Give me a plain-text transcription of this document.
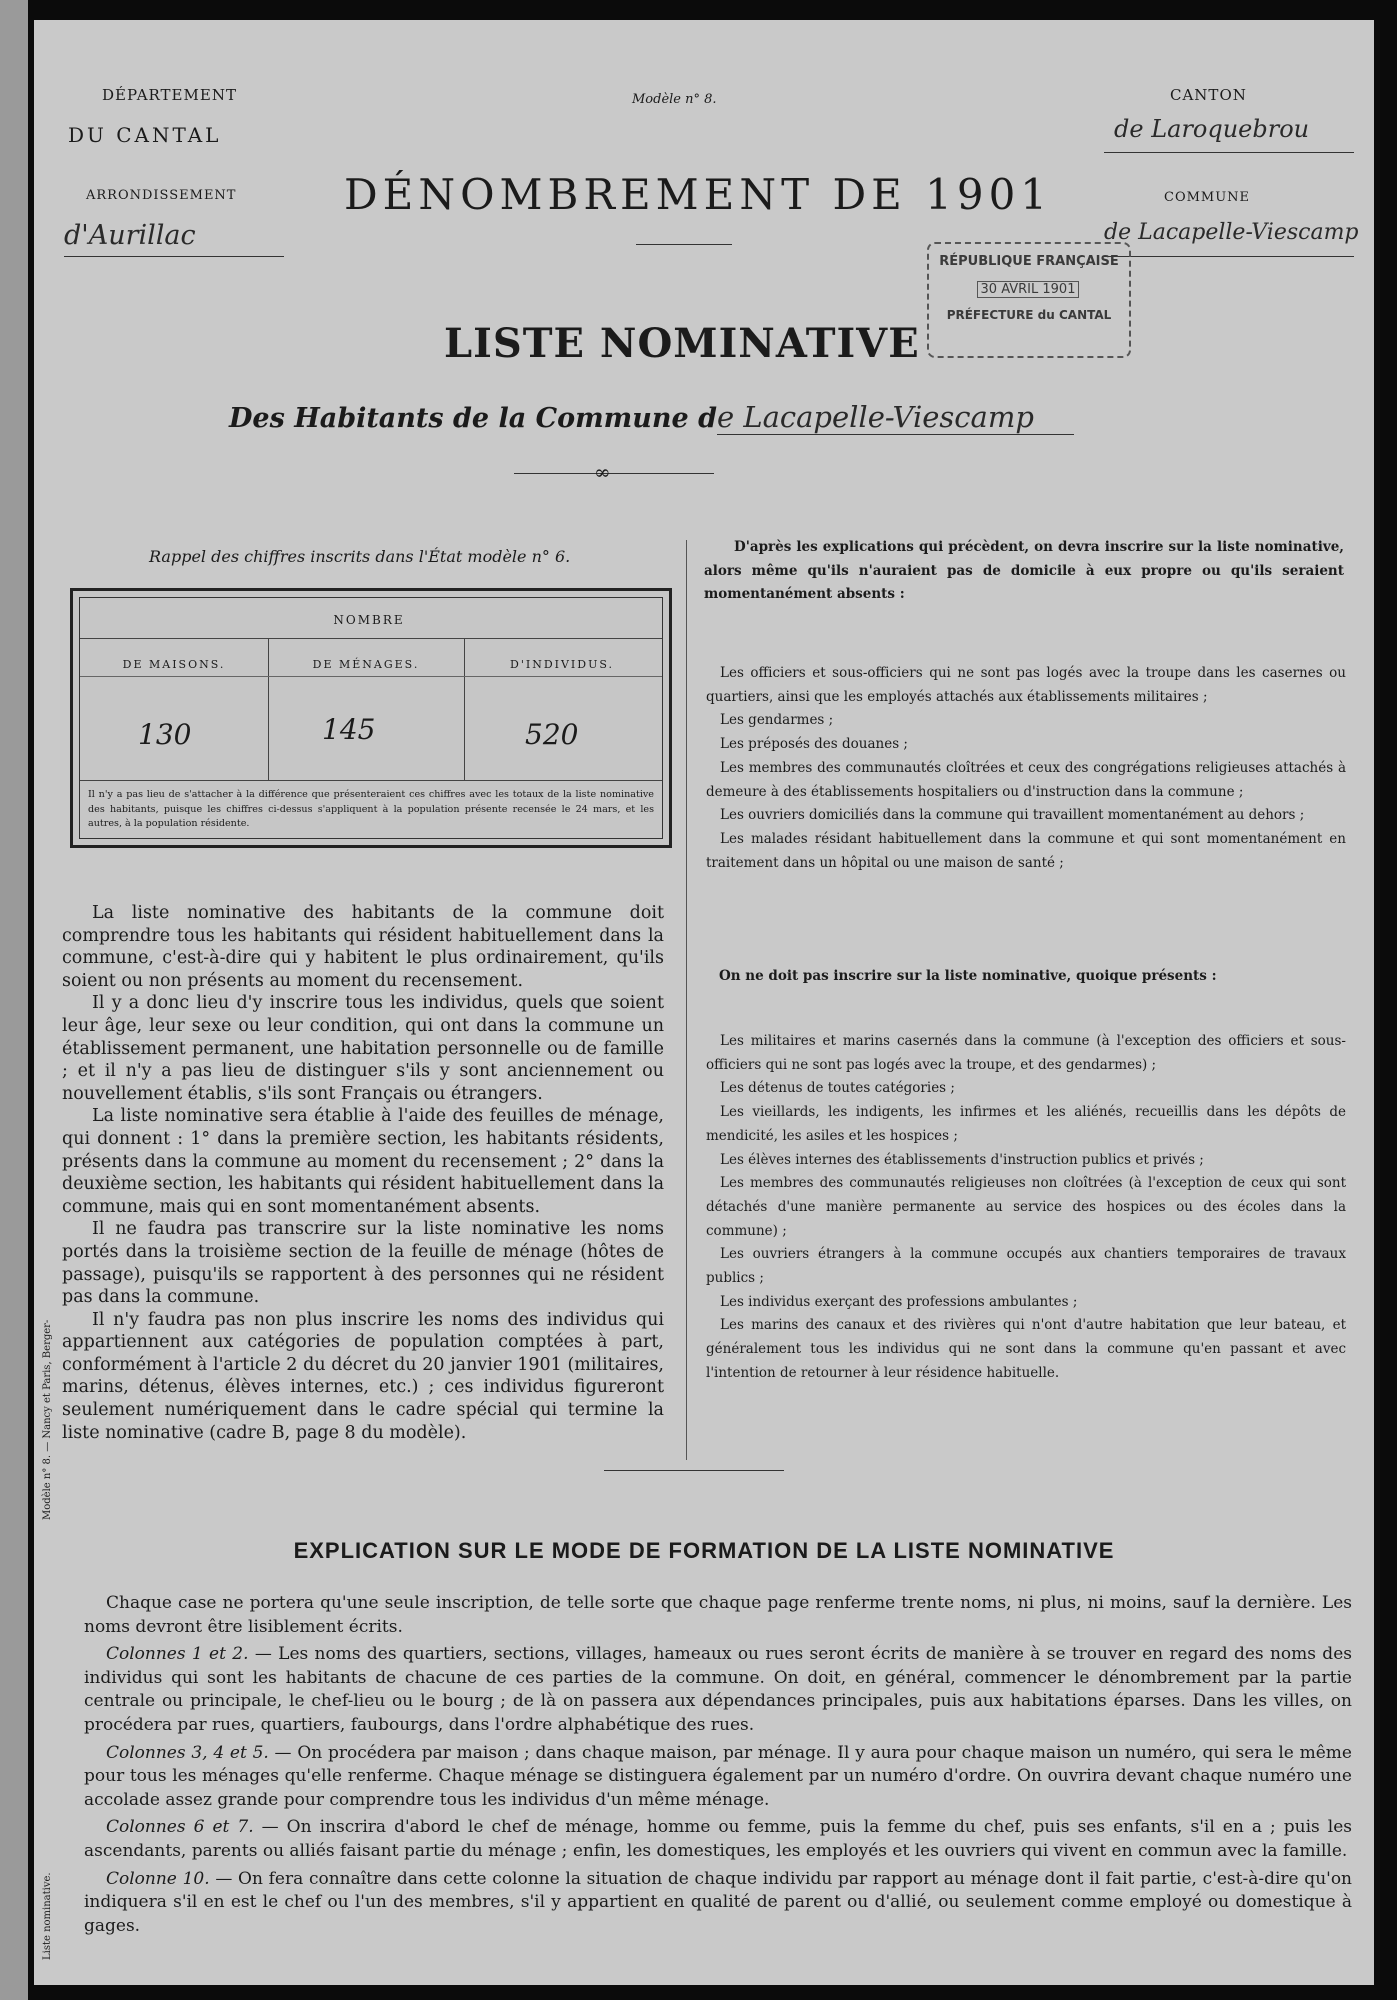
DÉPARTEMENT
DU CANTAL
ARRONDISSEMENT
d'Aurillac
Modèle n° 8.
DÉNOMBREMENT DE 1901
LISTE NOMINATIVE
Des Habitants de la Commune de Lacapelle-Viescamp
∞
CANTON
de Laroquebrou
COMMUNE
de Lacapelle-Viescamp
RÉPUBLIQUE FRANÇAISE
30 AVRIL 1901
PRÉFECTURE du CANTAL
Rappel des chiffres inscrits dans l'État modèle n° 6.
NOMBRE
DE MAISONS.	DE MÉNAGES.	D'INDIVIDUS.
130	145	520
Il n'y a pas lieu de s'attacher à la différence que présenteraient ces chiffres avec les totaux de la liste nominative des habitants, puisque les chiffres ci-dessus s'appliquent à la population présente recensée le 24 mars, et les autres, à la population résidente.
La liste nominative des habitants de la commune doit comprendre tous les habitants qui résident habituellement dans la commune, c'est-à-dire qui y habitent le plus ordinairement, qu'ils soient ou non présents au moment du recensement.
Il y a donc lieu d'y inscrire tous les individus, quels que soient leur âge, leur sexe ou leur condition, qui ont dans la commune un établissement permanent, une habitation personnelle ou de famille ; et il n'y a pas lieu de distinguer s'ils y sont anciennement ou nouvellement établis, s'ils sont Français ou étrangers.
La liste nominative sera établie à l'aide des feuilles de ménage, qui donnent : 1° dans la première section, les habitants résidents, présents dans la commune au moment du recensement ; 2° dans la deuxième section, les habitants qui résident habituellement dans la commune, mais qui en sont momentanément absents.
Il ne faudra pas transcrire sur la liste nominative les noms portés dans la troisième section de la feuille de ménage (hôtes de passage), puisqu'ils se rapportent à des personnes qui ne résident pas dans la commune.
Il n'y faudra pas non plus inscrire les noms des individus qui appartiennent aux catégories de population comptées à part, conformément à l'article 2 du décret du 20 janvier 1901 (militaires, marins, détenus, élèves internes, etc.) ; ces individus figureront seulement numériquement dans le cadre spécial qui termine la liste nominative (cadre B, page 8 du modèle).
D'après les explications qui précèdent, on devra inscrire sur la liste nominative, alors même qu'ils n'auraient pas de domicile à eux propre ou qu'ils seraient momentanément absents :
Les officiers et sous-officiers qui ne sont pas logés avec la troupe dans les casernes ou quartiers, ainsi que les employés attachés aux établissements militaires ;
Les gendarmes ;
Les préposés des douanes ;
Les membres des communautés cloîtrées et ceux des congrégations religieuses attachés à demeure à des établissements hospitaliers ou d'instruction dans la commune ;
Les ouvriers domiciliés dans la commune qui travaillent momentanément au dehors ;
Les malades résidant habituellement dans la commune et qui sont momentanément en traitement dans un hôpital ou une maison de santé ;
On ne doit pas inscrire sur la liste nominative, quoique présents :
Les militaires et marins casernés dans la commune (à l'exception des officiers et sous-officiers qui ne sont pas logés avec la troupe, et des gendarmes) ;
Les détenus de toutes catégories ;
Les vieillards, les indigents, les infirmes et les aliénés, recueillis dans les dépôts de mendicité, les asiles et les hospices ;
Les élèves internes des établissements d'instruction publics et privés ;
Les membres des communautés religieuses non cloîtrées (à l'exception de ceux qui sont détachés d'une manière permanente au service des hospices ou des écoles dans la commune) ;
Les ouvriers étrangers à la commune occupés aux chantiers temporaires de travaux publics ;
Les individus exerçant des professions ambulantes ;
Les marins des canaux et des rivières qui n'ont d'autre habitation que leur bateau, et généralement tous les individus qui ne sont dans la commune qu'en passant et avec l'intention de retourner à leur résidence habituelle.
EXPLICATION SUR LE MODE DE FORMATION DE LA LISTE NOMINATIVE
Chaque case ne portera qu'une seule inscription, de telle sorte que chaque page renferme trente noms, ni plus, ni moins, sauf la dernière. Les noms devront être lisiblement écrits.
Colonnes 1 et 2. — Les noms des quartiers, sections, villages, hameaux ou rues seront écrits de manière à se trouver en regard des noms des individus qui sont les habitants de chacune de ces parties de la commune. On doit, en général, commencer le dénombrement par la partie centrale ou principale, le chef-lieu ou le bourg ; de là on passera aux dépendances principales, puis aux habitations éparses. Dans les villes, on procédera par rues, quartiers, faubourgs, dans l'ordre alphabétique des rues.
Colonnes 3, 4 et 5. — On procédera par maison ; dans chaque maison, par ménage. Il y aura pour chaque maison un numéro, qui sera le même pour tous les ménages qu'elle renferme. Chaque ménage se distinguera également par un numéro d'ordre. On ouvrira devant chaque numéro une accolade assez grande pour comprendre tous les individus d'un même ménage.
Colonnes 6 et 7. — On inscrira d'abord le chef de ménage, homme ou femme, puis la femme du chef, puis ses enfants, s'il en a ; puis les ascendants, parents ou alliés faisant partie du ménage ; enfin, les domestiques, les employés et les ouvriers qui vivent en commun avec la famille.
Colonne 10. — On fera connaître dans cette colonne la situation de chaque individu par rapport au ménage dont il fait partie, c'est-à-dire qu'on indiquera s'il en est le chef ou l'un des membres, s'il y appartient en qualité de parent ou d'allié, ou seulement comme employé ou domestique à gages.
Modèle n° 8. — Nancy et Paris, Berger-
Liste nominative.
